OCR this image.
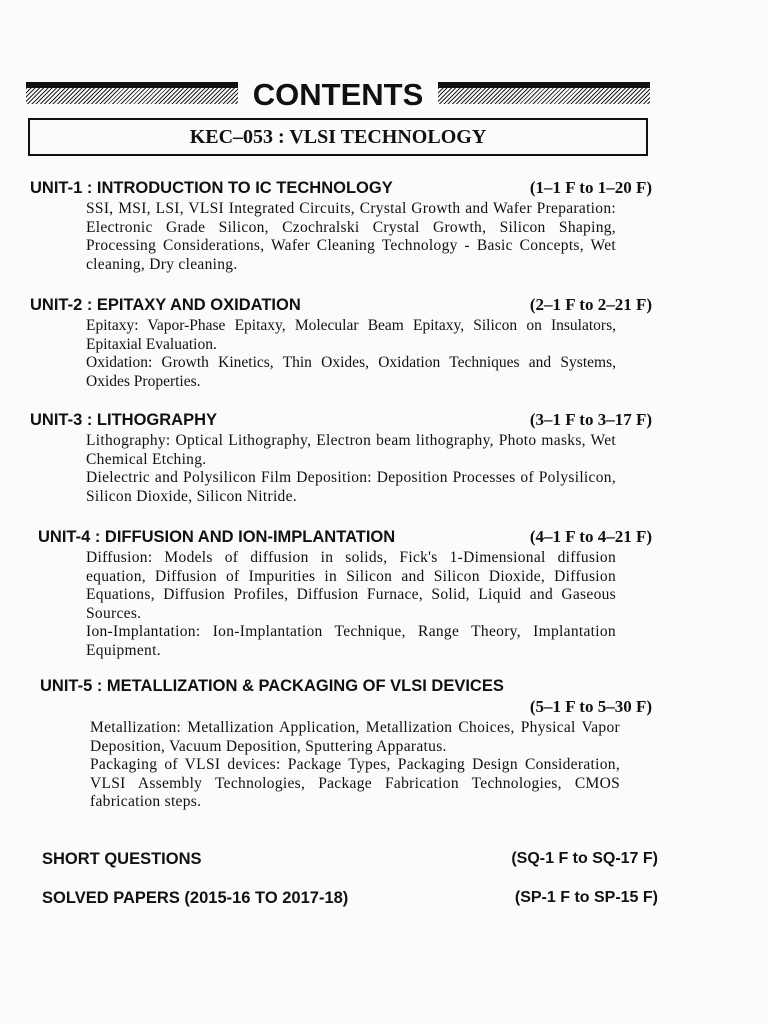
CONTENTS
KEC–053 : VLSI TECHNOLOGY
UNIT-1 : INTRODUCTION TO IC TECHNOLOGY	(1–1 F to 1–20 F)

SSI, MSI, LSI, VLSI Integrated Circuits, Crystal Growth and Wafer Preparation: Electronic Grade Silicon, Czochralski Crystal Growth, Silicon Shaping, Processing Considerations, Wafer Cleaning Technology - Basic Concepts, Wet cleaning, Dry cleaning.

UNIT-2 : EPITAXY AND OXIDATION	(2–1 F to 2–21 F)

Epitaxy: Vapor-Phase Epitaxy, Molecular Beam Epitaxy, Silicon on Insulators, Epitaxial Evaluation.

Oxidation: Growth Kinetics, Thin Oxides, Oxidation Techniques and Systems, Oxides Properties.

UNIT-3 : LITHOGRAPHY	(3–1 F to 3–17 F)

Lithography: Optical Lithography, Electron beam lithography, Photo masks, Wet Chemical Etching.

Dielectric and Polysilicon Film Deposition: Deposition Processes of Polysilicon, Silicon Dioxide, Silicon Nitride.

UNIT-4 : DIFFUSION AND ION-IMPLANTATION	(4–1 F to 4–21 F)

Diffusion: Models of diffusion in solids, Fick's 1-Dimensional diffusion equation, Diffusion of Impurities in Silicon and Silicon Dioxide, Diffusion Equations, Diffusion Profiles, Diffusion Furnace, Solid, Liquid and Gaseous Sources.

Ion-Implantation: Ion-Implantation Technique, Range Theory, Implantation Equipment.

UNIT-5 : METALLIZATION & PACKAGING OF VLSI DEVICES
(5–1 F to 5–30 F)

Metallization: Metallization Application, Metallization Choices, Physical Vapor Deposition, Vacuum Deposition, Sputtering Apparatus.

Packaging of VLSI devices: Package Types, Packaging Design Consideration, VLSI Assembly Technologies, Package Fabrication Technologies, CMOS fabrication steps.

SHORT QUESTIONS	(SQ-1 F to SQ-17 F)
SOLVED PAPERS (2015-16 TO 2017-18)	(SP-1 F to SP-15 F)
